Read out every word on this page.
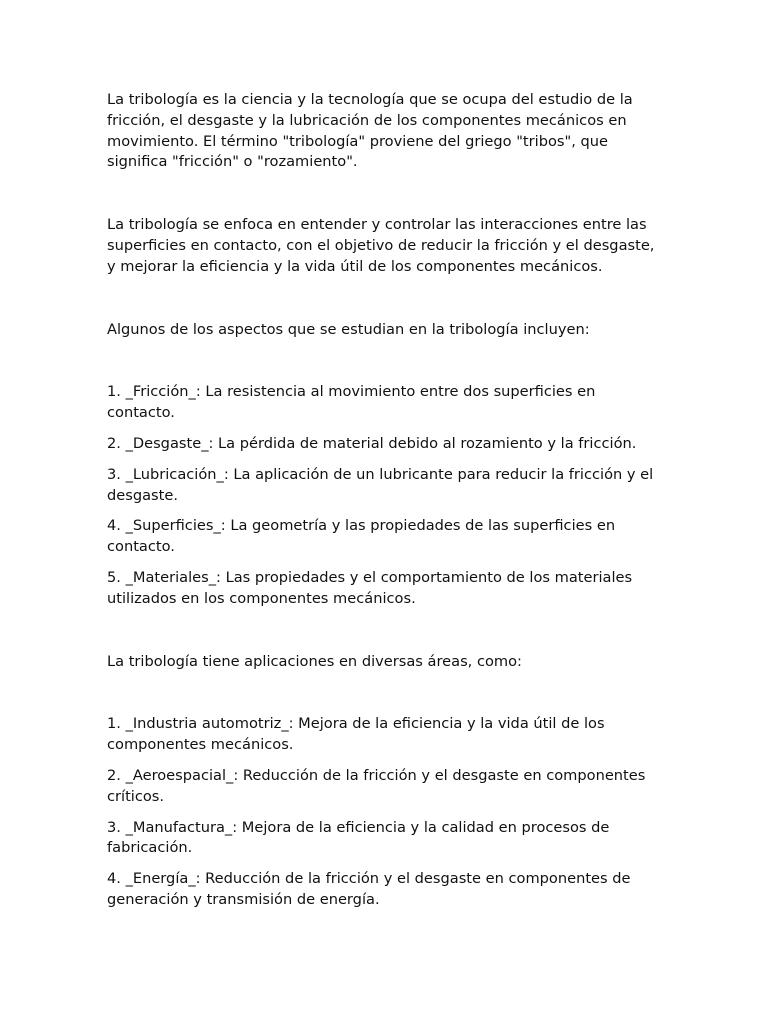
La tribología es la ciencia y la tecnología que se ocupa del estudio de la fricción, el desgaste y la lubricación de los componentes mecánicos en movimiento. El término "tribología" proviene del griego "tribos", que significa "fricción" o "rozamiento".

La tribología se enfoca en entender y controlar las interacciones entre las superficies en contacto, con el objetivo de reducir la fricción y el desgaste, y mejorar la eficiencia y la vida útil de los componentes mecánicos.

Algunos de los aspectos que se estudian en la tribología incluyen:

1. _Fricción_: La resistencia al movimiento entre dos superficies en contacto.

2. _Desgaste_: La pérdida de material debido al rozamiento y la fricción.

3. _Lubricación_: La aplicación de un lubricante para reducir la fricción y el desgaste.

4. _Superficies_: La geometría y las propiedades de las superficies en contacto.

5. _Materiales_: Las propiedades y el comportamiento de los materiales utilizados en los componentes mecánicos.

La tribología tiene aplicaciones en diversas áreas, como:

1. _Industria automotriz_: Mejora de la eficiencia y la vida útil de los componentes mecánicos.

2. _Aeroespacial_: Reducción de la fricción y el desgaste en componentes críticos.

3. _Manufactura_: Mejora de la eficiencia y la calidad en procesos de fabricación.

4. _Energía_: Reducción de la fricción y el desgaste en componentes de generación y transmisión de energía.
